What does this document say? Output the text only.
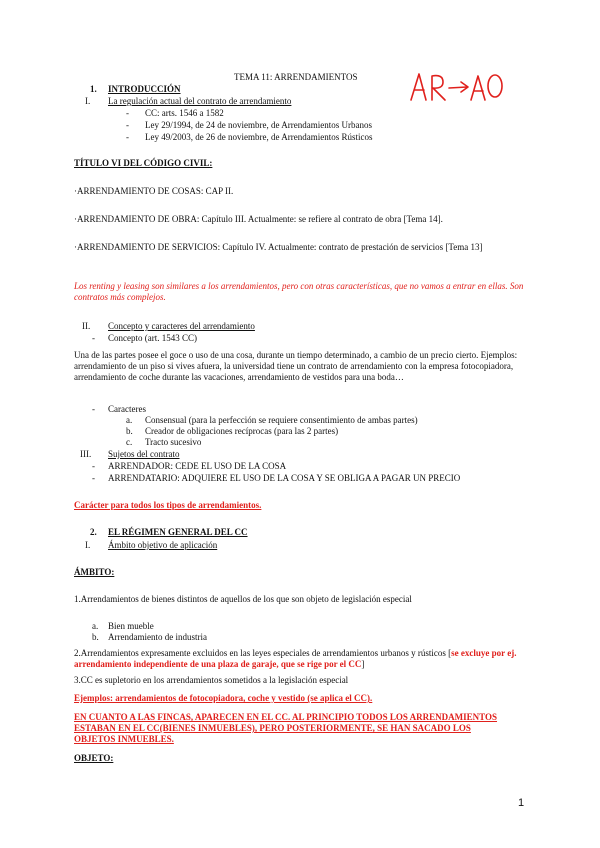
TEMA 11: ARRENDAMIENTOS
1. INTRODUCCIÓN
I. La regulación actual del contrato de arrendamiento
- CC: arts. 1546 a 1582
- Ley 29/1994, de 24 de noviembre, de Arrendamientos Urbanos
- Ley 49/2003, de 26 de noviembre, de Arrendamientos Rústicos
TÍTULO VI DEL CÓDIGO CIVIL:
·ARRENDAMIENTO DE COSAS: CAP II.
·ARRENDAMIENTO DE OBRA: Capítulo III. Actualmente: se refiere al contrato de obra [Tema 14].
·ARRENDAMIENTO DE SERVICIOS: Capítulo IV. Actualmente: contrato de prestación de servicios [Tema 13]
Los renting y leasing son similares a los arrendamientos, pero con otras características, que no vamos a entrar en ellas. Son contratos más complejos.
II. Concepto y caracteres del arrendamiento
- Concepto (art. 1543 CC)
Una de las partes posee el goce o uso de una cosa, durante un tiempo determinado, a cambio de un precio cierto. Ejemplos: arrendamiento de un piso si vives afuera, la universidad tiene un contrato de arrendamiento con la empresa fotocopiadora, arrendamiento de coche durante las vacaciones, arrendamiento de vestidos para una boda…
- Caracteres
a. Consensual (para la perfección se requiere consentimiento de ambas partes)
b. Creador de obligaciones recíprocas (para las 2 partes)
c. Tracto sucesivo
III. Sujetos del contrato
- ARRENDADOR: CEDE EL USO DE LA COSA
- ARRENDATARIO: ADQUIERE EL USO DE LA COSA Y SE OBLIGA A PAGAR UN PRECIO
Carácter para todos los tipos de arrendamientos.
2. EL RÉGIMEN GENERAL DEL CC
I. Ámbito objetivo de aplicación
ÁMBITO:
1.Arrendamientos de bienes distintos de aquellos de los que son objeto de legislación especial
a. Bien mueble
b. Arrendamiento de industria
2.Arrendamientos expresamente excluidos en las leyes especiales de arrendamientos urbanos y rústicos [se excluye por ej. arrendamiento independiente de una plaza de garaje, que se rige por el CC]
3.CC es supletorio en los arrendamientos sometidos a la legislación especial
Ejemplos: arrendamientos de fotocopiadora, coche y vestido (se aplica el CC).
EN CUANTO A LAS FINCAS, APARECEN EN EL CC. AL PRINCIPIO TODOS LOS ARRENDAMIENTOS ESTABAN EN EL CC(BIENES INMUEBLES), PERO POSTERIORMENTE, SE HAN SACADO LOS OBJETOS INMUEBLES.
OBJETO:
1
